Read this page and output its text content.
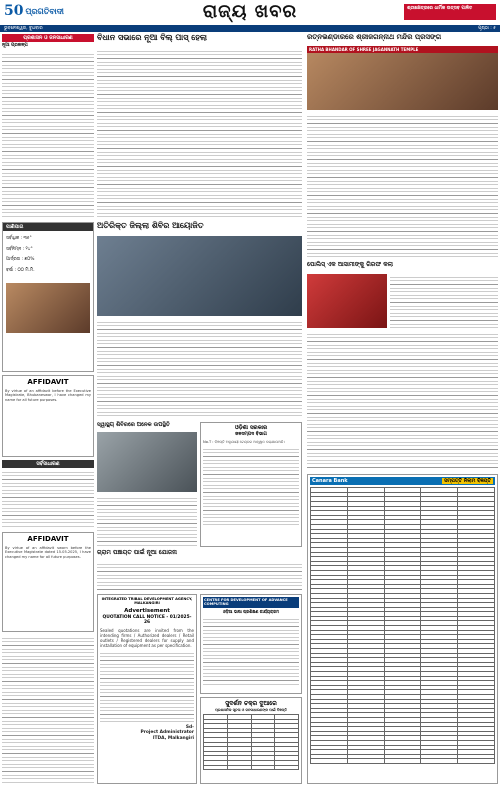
50 ପ୍ରଗତିବାଦୀ	ରାଜ୍ୟ ଖବର	ଶ୍ରୀକ୍ଷେତ୍ରରେ ଧାର୍ମିକ ଉତ୍ସବ ପାଳିତ
ଭୁବନେଶ୍ୱର, ବୁଧବାର	ପୃଷ୍ଠା : ୫
ପ୍ରଶାସନ ଓ ଜନସାଧାରଣ
ନୂଆ ପ୍ରକଳ୍ପ
ପାଣିପାଗ
ସର୍ବାଧିକ : ୩୫°
ସର୍ବନିମ୍ନ : ୨୪°
ଆର୍ଦ୍ରତା : ୭୦%
ବର୍ଷା : ୦୦ ମି.ମି.
AFFIDAVIT
By virtue of an affidavit before the Executive Magistrate, Bhubaneswar, I have changed my name for all future purposes.
ସର୍ବସାଧାରଣ
AFFIDAVIT
By virtue of an affidavit sworn before the Executive Magistrate dated 15.05.2025, I have changed my name for all future purposes.
ବିଧାନ ସଭାରେ ନୂଆ ବିଲ୍ ପାସ୍ ହେଲା	ରତ୍ନଭଣ୍ଡାରରେ ଶ୍ରୀଜଗନ୍ନାଥ ମନ୍ଦିର ପ୍ରସଙ୍ଗ
RATHA BHANDAR OF SHREE JAGANNATH TEMPLE
ଅତିରିକ୍ତ ଜିଲ୍ଲା ଶିବିର ଆୟୋଜିତ
ସ୍ୱାସ୍ଥ୍ୟ ଶିବିରରେ ଅନେକ ଉପସ୍ଥିତି	ଓଡ଼ିଶା ସରକାର
ଜଳସମ୍ପଦ ବିଭାଗ
No.T : ବିଜ୍ଞପ୍ତି ଅନୁଯାୟୀ ଟେଣ୍ଡର ଆହ୍ୱାନ କରାଯାଉଅଛି।
ପୋଲିସ୍ ଏକ ଆସାମୀଙ୍କୁ ଗିରଫ କଲା
ଗ୍ରାମ ପଞ୍ଚାୟତ ପାଇଁ ନୂଆ ଯୋଜନା
CENTRE FOR DEVELOPMENT OF ADVANCE COMPUTING
ଓଡ଼ିଆ ଭାଷା ପ୍ରଶିକ୍ଷଣ କାର୍ଯ୍ୟକ୍ରମ
INTEGRATED TRIBAL DEVELOPMENT AGENCY, MALKANGIRI
Advertisement
QUOTATION CALL NOTICE - 01/2025-26
Sealed quotations are invited from the intending firms / Authorized dealers / Retail outlets / Registered dealers for supply and installation of equipment as per specification.
Sd-
Project Administrator
ITDA, Malkangiri
ସୁଦର୍ଶନ ଚକ୍ର ଦୁଆରେ
ପ୍ରଶାସନିକ ସୂଚନା ଓ ଜନସାଧାରଣଙ୍କ ପାଇଁ ବିଜ୍ଞପ୍ତି

Canara Bank	ସମ୍ପତ୍ତି ନିଲାମ ବିଜ୍ଞପ୍ତି
